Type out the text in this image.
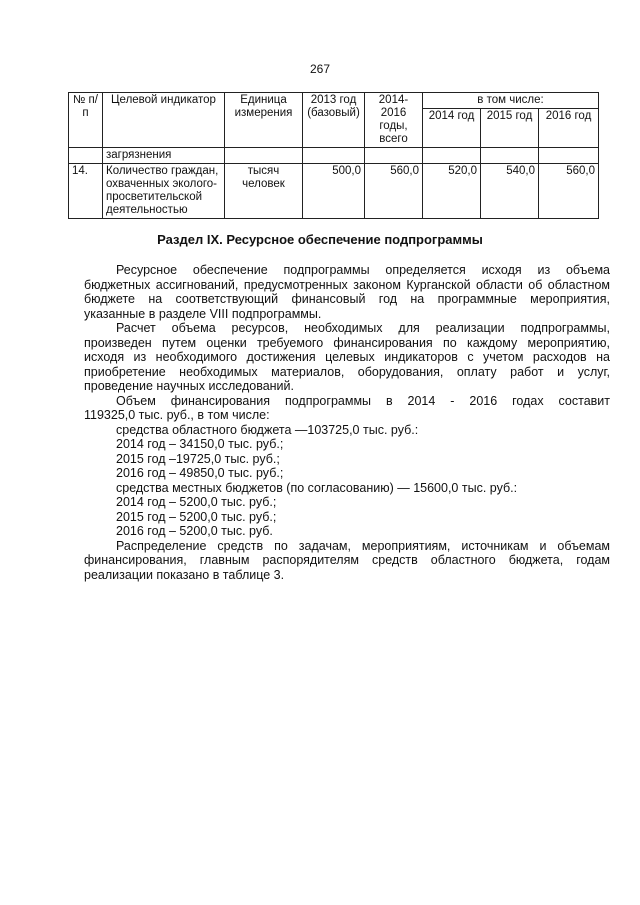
267
№ п/п	Целевой индикатор	Единица измерения	2013 год (базовый)	2014-2016 годы, всего	в том числе:		
					2014 год	2015 год	2016 год
	загрязнения						
14.	Количество граждан, охваченных эколого-просветительской деятельностью	тысяч человек	500,0	560,0	520,0	540,0	560,0
Раздел IX. Ресурсное обеспечение подпрограммы

Ресурсное обеспечение подпрограммы определяется исходя из объема

бюджетных ассигнований, предусмотренных законом Курганской области об областном

бюджете на соответствующий финансовый год на программные мероприятия,

указанные в разделе VIII подпрограммы.

Расчет объема ресурсов, необходимых для реализации подпрограммы,

произведен путем оценки требуемого финансирования по каждому мероприятию,

исходя из необходимого достижения целевых индикаторов с учетом расходов на

приобретение необходимых материалов, оборудования, оплату работ и услуг,

проведение научных исследований.

Объем финансирования подпрограммы в 2014 - 2016 годах составит

119325,0 тыс. руб., в том числе:

средства областного бюджета —103725,0 тыс. руб.:

2014 год – 34150,0 тыс. руб.;

2015 год –19725,0 тыс. руб.;

2016 год – 49850,0 тыс. руб.;

средства местных бюджетов (по согласованию) — 15600,0 тыс. руб.:

2014 год – 5200,0 тыс. руб.;

2015 год – 5200,0 тыс. руб.;

2016 год – 5200,0 тыс. руб.

Распределение средств по задачам, мероприятиям, источникам и объемам

финансирования, главным распорядителям средств областного бюджета, годам

реализации показано в таблице 3.
